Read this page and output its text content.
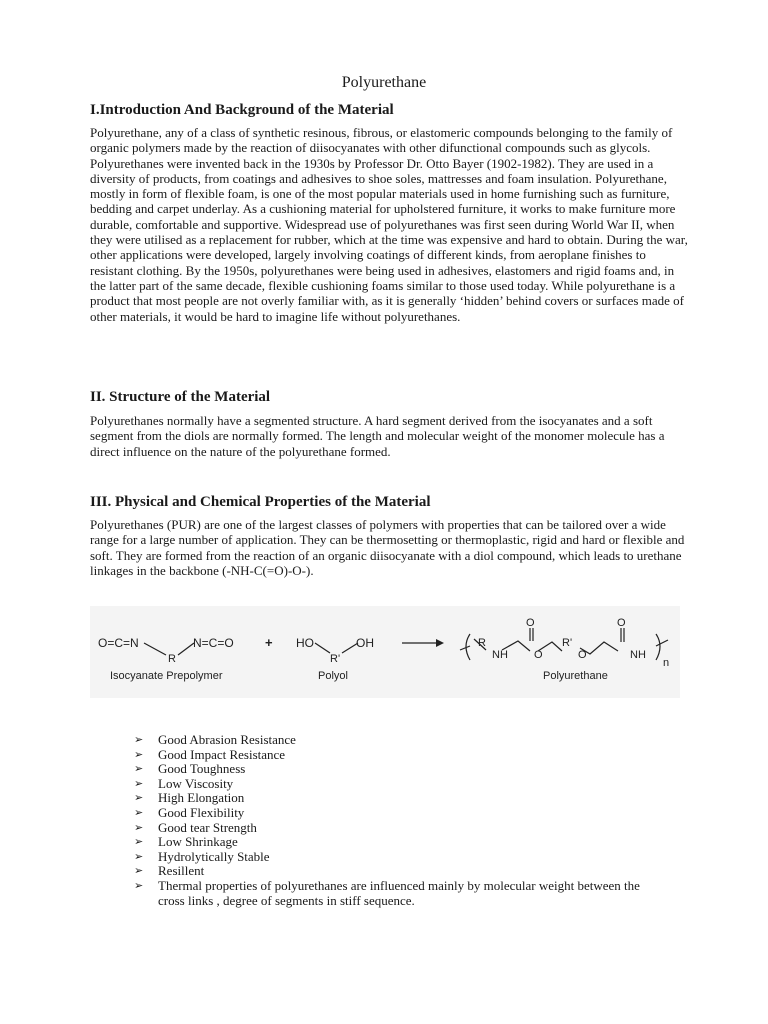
Polyurethane
I.Introduction And Background of the Material

Polyurethane, any of a class of synthetic resinous, fibrous, or elastomeric compounds belonging to the family of organic polymers made by the reaction of diisocyanates with other difunctional compounds such as glycols. Polyurethanes were invented back in the 1930s by Professor Dr. Otto Bayer (1902-1982). They are used in a diversity of products, from coatings and adhesives to shoe soles, mattresses and foam insulation. Polyurethane, mostly in form of flexible foam, is one of the most popular materials used in home furnishing such as furniture, bedding and carpet underlay. As a cushioning material for upholstered furniture, it works to make furniture more durable, comfortable and supportive. Widespread use of polyurethanes was first seen during World War II, when they were utilised as a replacement for rubber, which at the time was expensive and hard to obtain. During the war, other applications were developed, largely involving coatings of different kinds, from aeroplane finishes to resistant clothing. By the 1950s, polyurethanes were being used in adhesives, elastomers and rigid foams and, in the latter part of the same decade, flexible cushioning foams similar to those used today. While polyurethane is a product that most people are not overly familiar with, as it is generally ‘hidden’ behind covers or surfaces made of other materials, it would be hard to imagine life without polyurethanes.

II. Structure of the Material

Polyurethanes normally have a segmented structure. A hard segment derived from the isocyanates and a soft segment from the diols are normally formed. The length and molecular weight of the monomer molecule has a direct influence on the nature of the polyurethane formed.

III. Physical and Chemical Properties of the Material

Polyurethanes (PUR) are one of the largest classes of polymers with properties that can be tailored over a wide range for a large number of application. They can be thermosetting or thermoplastic, rigid and hard or flexible and soft. They are formed from the reaction of an organic diisocyanate with a diol compound, which leads to urethane linkages in the backbone (-NH-C(=O)-O-).

O=C=N	N=C=O
R
+ HO	OH
R'
R
NH
O
O
R'
O
O
NH
n
Isocyanate Prepolymer	Polyol	Polyurethane
➢ Good Abrasion Resistance
➢ Good Impact Resistance
➢ Good Toughness
➢ Low Viscosity
➢ High Elongation
➢ Good Flexibility
➢ Good tear Strength
➢ Low Shrinkage
➢ Hydrolytically Stable
➢ Resillent
➢ Thermal properties of polyurethanes are influenced mainly by molecular weight between the cross links , degree of segments in stiff sequence.
